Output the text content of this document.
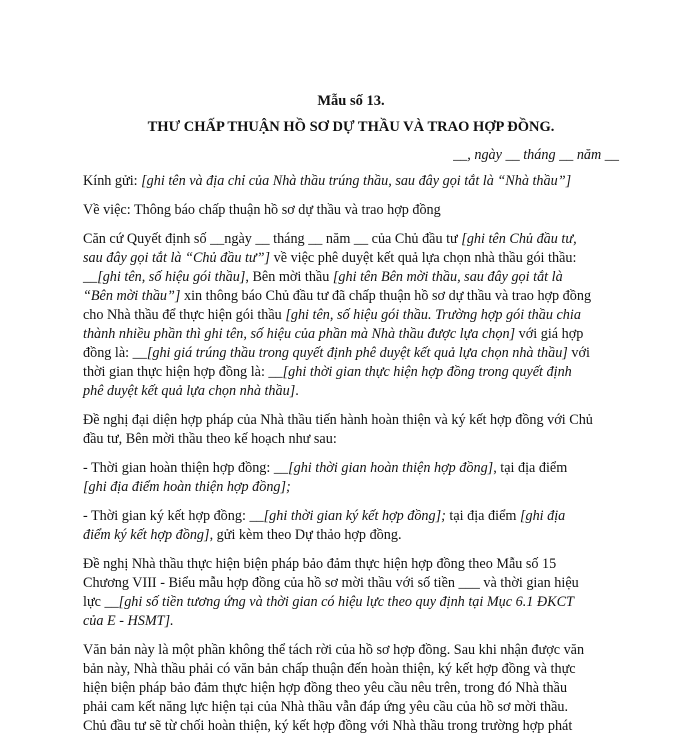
Mẫu số 13.
THƯ CHẤP THUẬN HỒ SƠ DỰ THẦU VÀ TRAO HỢP ĐỒNG.
__, ngày __ tháng __ năm __
Kính gửi: [ghi tên và địa chỉ của Nhà thầu trúng thầu, sau đây gọi tắt là “Nhà thầu”]
Về việc: Thông báo chấp thuận hồ sơ dự thầu và trao hợp đồng
Căn cứ Quyết định số __ngày __ tháng __ năm __ của Chủ đầu tư [ghi tên Chủ đầu tư,
sau đây gọi tắt là “Chủ đầu tư”] về việc phê duyệt kết quả lựa chọn nhà thầu gói thầu:
__[ghi tên, số hiệu gói thầu], Bên mời thầu [ghi tên Bên mời thầu, sau đây gọi tắt là
“Bên mời thầu”] xin thông báo Chủ đầu tư đã chấp thuận hồ sơ dự thầu và trao hợp đồng
cho Nhà thầu để thực hiện gói thầu [ghi tên, số hiệu gói thầu. Trường hợp gói thầu chia
thành nhiều phần thì ghi tên, số hiệu của phần mà Nhà thầu được lựa chọn] với giá hợp
đồng là: __[ghi giá trúng thầu trong quyết định phê duyệt kết quả lựa chọn nhà thầu] với
thời gian thực hiện hợp đồng là: __[ghi thời gian thực hiện hợp đồng trong quyết định
phê duyệt kết quả lựa chọn nhà thầu].
Đề nghị đại diện hợp pháp của Nhà thầu tiến hành hoàn thiện và ký kết hợp đồng với Chủ
đầu tư, Bên mời thầu theo kế hoạch như sau:
- Thời gian hoàn thiện hợp đồng: __[ghi thời gian hoàn thiện hợp đồng], tại địa điểm
[ghi địa điểm hoàn thiện hợp đồng];
- Thời gian ký kết hợp đồng: __[ghi thời gian ký kết hợp đồng]; tại địa điểm [ghi địa
điểm ký kết hợp đồng], gửi kèm theo Dự thảo hợp đồng.
Đề nghị Nhà thầu thực hiện biện pháp bảo đảm thực hiện hợp đồng theo Mẫu số 15
Chương VIII - Biểu mẫu hợp đồng của hồ sơ mời thầu với số tiền ___ và thời gian hiệu
lực __[ghi số tiền tương ứng và thời gian có hiệu lực theo quy định tại Mục 6.1 ĐKCT
của E - HSMT].
Văn bản này là một phần không thể tách rời của hồ sơ hợp đồng. Sau khi nhận được văn
bản này, Nhà thầu phải có văn bản chấp thuận đến hoàn thiện, ký kết hợp đồng và thực
hiện biện pháp bảo đảm thực hiện hợp đồng theo yêu cầu nêu trên, trong đó Nhà thầu
phải cam kết năng lực hiện tại của Nhà thầu vẫn đáp ứng yêu cầu của hồ sơ mời thầu.
Chủ đầu tư sẽ từ chối hoàn thiện, ký kết hợp đồng với Nhà thầu trong trường hợp phát
